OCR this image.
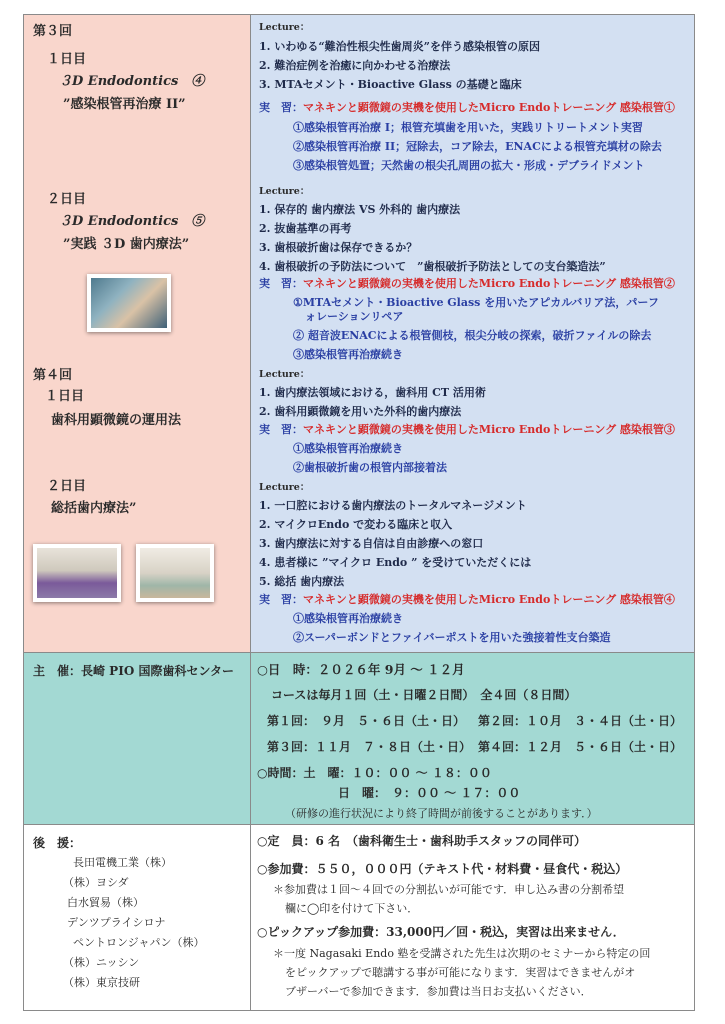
第３回
１日目
３D Endodontics　④
”感染根管再治療 II”
２日目
３D Endodontics　⑤
”実践 ３D 歯内療法”
第４回
１日目
歯科用顕微鏡の運用法
２日目
総括歯内療法”
Lecture：
1. いわゆる“難治性根尖性歯周炎”を伴う感染根管の原因
2. 難治症例を治癒に向かわせる治療法
3. MTAセメント・Bioactive Glass の基礎と臨床
実　習：マネキンと顕微鏡の実機を使用したMicro Endoトレーニング 感染根管①
①感染根管再治療 I；根管充填歯を用いた，実践リトリートメント実習
②感染根管再治療 II；冠除去，コア除去，ENACによる根管充填材の除去
③感染根管処置；天然歯の根尖孔周囲の拡大・形成・デブライドメント
Lecture：
1. 保存的 歯内療法 VS 外科的 歯内療法
2. 抜歯基準の再考
3. 歯根破折歯は保存できるか？
4. 歯根破折の予防法について　”歯根破折予防法としての支台築造法”
実　習：マネキンと顕微鏡の実機を使用したMicro Endoトレーニング 感染根管②
①MTAセメント・Bioactive Glass を用いたアピカルバリア法，パーフ
ォレーションリペア
② 超音波ENACによる根管側枝，根尖分岐の探索，破折ファイルの除去
③感染根管再治療続き
Lecture：
1. 歯内療法領域における，歯科用 CT 活用術
2. 歯科用顕微鏡を用いた外科的歯内療法
実　習：マネキンと顕微鏡の実機を使用したMicro Endoトレーニング 感染根管③
①感染根管再治療続き
②歯根破折歯の根管内部接着法
Lecture：
1. 一口腔における歯内療法のトータルマネージメント
2. マイクロEndo で変わる臨床と収入
3. 歯内療法に対する自信は自由診療への窓口
4. 患者様に ”マイクロ Endo ” を受けていただくには
5. 総括 歯内療法
実　習：マネキンと顕微鏡の実機を使用したMicro Endoトレーニング 感染根管④
①感染根管再治療続き
②スーパーボンドとファイバーポストを用いた強接着性支台築造
主　催：長崎 PIO 国際歯科センター ○日　時：２０２６年 9月 〜 １２月
コースは毎月１回（土・日曜２日間）　全４回（８日間）
第１回：　９月　５・６日（土・日） 第２回：１０月　３・４日（土・日）
第３回：１１月　７・８日（土・日） 第４回：１２月　５・６日（土・日）
○時間：土　曜：１０：００ 〜 １８：００
日　曜：　９：００ 〜 １７：００
（研修の進行状況により終了時間が前後することがあります．）
後　援：
長田電機工業（株）
（株）ヨシダ
白水貿易（株）
デンツプライシロナ
ペントロンジャパン（株）
（株）ニッシン
（株）東京技研
○定　員：6 名　（歯科衛生士・歯科助手スタッフの同伴可）
○参加費：５５０，０００円（テキスト代・材料費・昼食代・税込）
＊参加費は１回〜４回での分割払いが可能です．申し込み書の分割希望
欄に◯印を付けて下さい．
○ピックアップ参加費：33,000円／回・税込，実習は出来ません．
＊一度 Nagasaki Endo 塾を受講された先生は次期のセミナーから特定の回
をピックアップで聴講する事が可能になります．実習はできませんがオ
ブザーバーで参加できます．参加費は当日お支払いください．
